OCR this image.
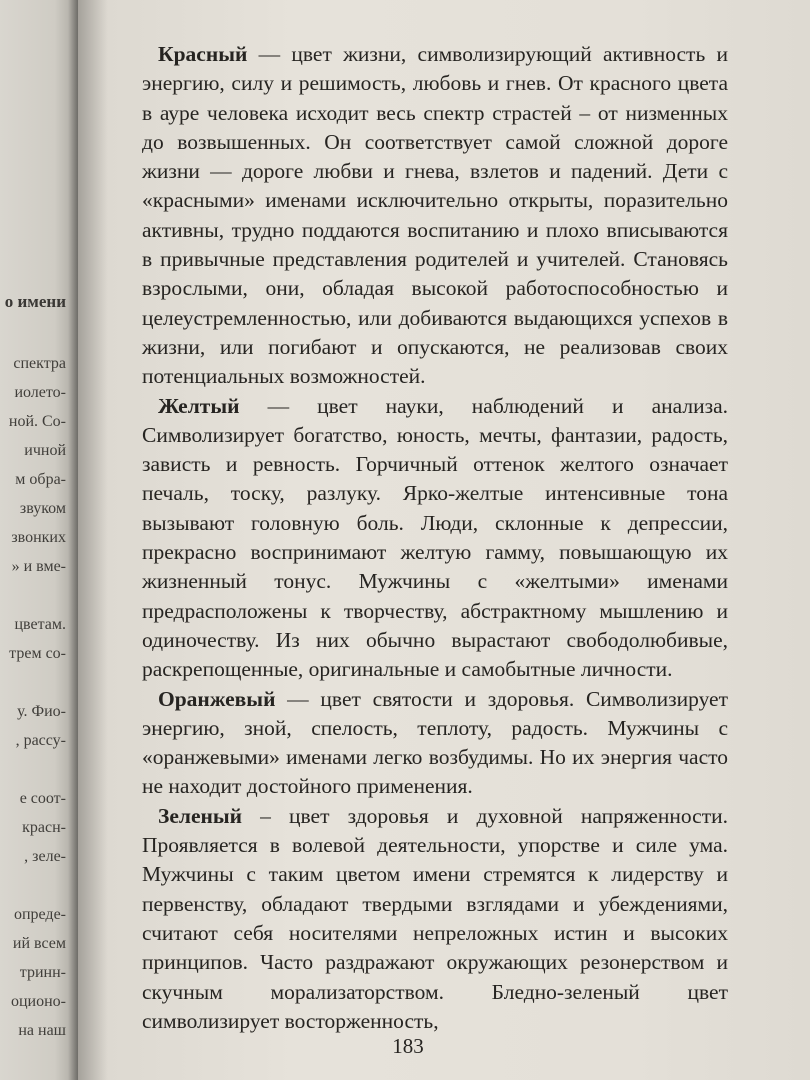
о имени
спектра
иолето-
ной. Со-
ичной
м обра-
звуком
звонких
» и вме-
цветам.
трем со-
у. Фио-
, рассу-
е соот-
красн-
, зеле-
опреде-
ий всем
тринн-
оционо-
на наш

Красный — цвет жизни, символизирующий активность и энергию, силу и решимость, любовь и гнев. От красного цвета в ауре человека исходит весь спектр страстей – от низменных до возвышенных. Он соответствует самой сложной дороге жизни — дороге любви и гнева, взлетов и падений. Дети с «красными» именами исключительно открыты, поразительно активны, трудно поддаются воспитанию и плохо вписываются в привычные представления родителей и учителей. Становясь взрослыми, они, обладая высокой работоспособностью и целеустремленностью, или добиваются выдающихся успехов в жизни, или погибают и опускаются, не реализовав своих потенциальных возможностей.

Желтый — цвет науки, наблюдений и анализа. Символизирует богатство, юность, мечты, фантазии, радость, зависть и ревность. Горчичный оттенок желтого означает печаль, тоску, разлуку. Ярко-желтые интенсивные тона вызывают головную боль. Люди, склонные к депрессии, прекрасно воспринимают желтую гамму, повышающую их жизненный тонус. Мужчины с «желтыми» именами предрасположены к творчеству, абстрактному мышлению и одиночеству. Из них обычно вырастают свободолюбивые, раскрепощенные, оригинальные и самобытные личности.

Оранжевый — цвет святости и здоровья. Символизирует энергию, зной, спелость, теплоту, радость. Мужчины с «оранжевыми» именами легко возбудимы. Но их энергия часто не находит достойного применения.

Зеленый – цвет здоровья и духовной напряженности. Проявляется в волевой деятельности, упорстве и силе ума. Мужчины с таким цветом имени стремятся к лидерству и первенству, обладают твердыми взглядами и убеждениями, считают себя носителями непреложных истин и высоких принципов. Часто раздражают окружающих резонерством и скучным морализаторством. Бледно-зеленый цвет символизирует восторженность,

183
